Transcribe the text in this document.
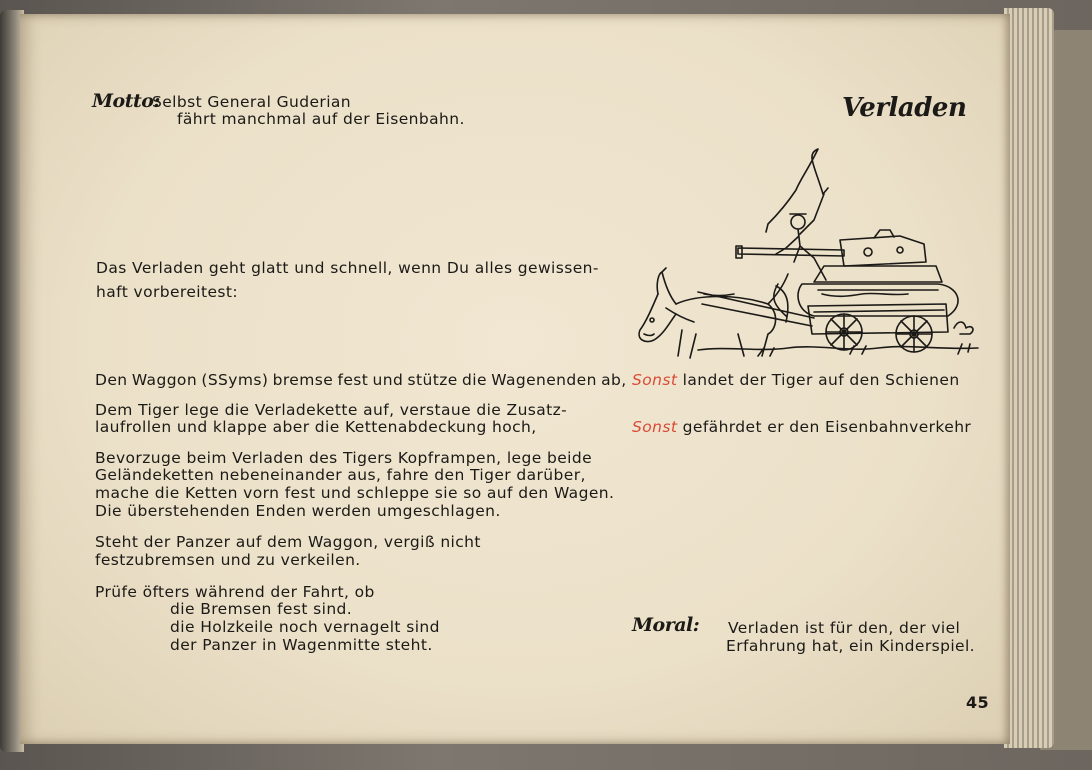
Motto:
Selbst General Guderian
fährt manchmal auf der Eisenbahn.	Verladen
Das Verladen geht glatt und schnell, wenn Du alles gewissen-
haft vorbereitest:
Den Waggon (SSyms) bremse fest und stütze die Wagenenden ab,
Dem Tiger lege die Verladekette auf, verstaue die Zusatz-
laufrollen und klappe aber die Kettenabdeckung hoch,
Bevorzuge beim Verladen des Tigers Kopframpen, lege beide
Geländeketten nebeneinander aus, fahre den Tiger darüber,
mache die Ketten vorn fest und schleppe sie so auf den Wagen.
Die überstehenden Enden werden umgeschlagen.
Steht der Panzer auf dem Waggon, vergiß nicht
festzubremsen und zu verkeilen.
Prüfe öfters während der Fahrt, ob
die Bremsen fest sind.
die Holzkeile noch vernagelt sind
der Panzer in Wagenmitte steht.
Sonst landet der Tiger auf den Schienen
Sonst gefährdet er den Eisenbahnverkehr
Moral: Verladen ist für den, der viel
Erfahrung hat, ein Kinderspiel.
45
